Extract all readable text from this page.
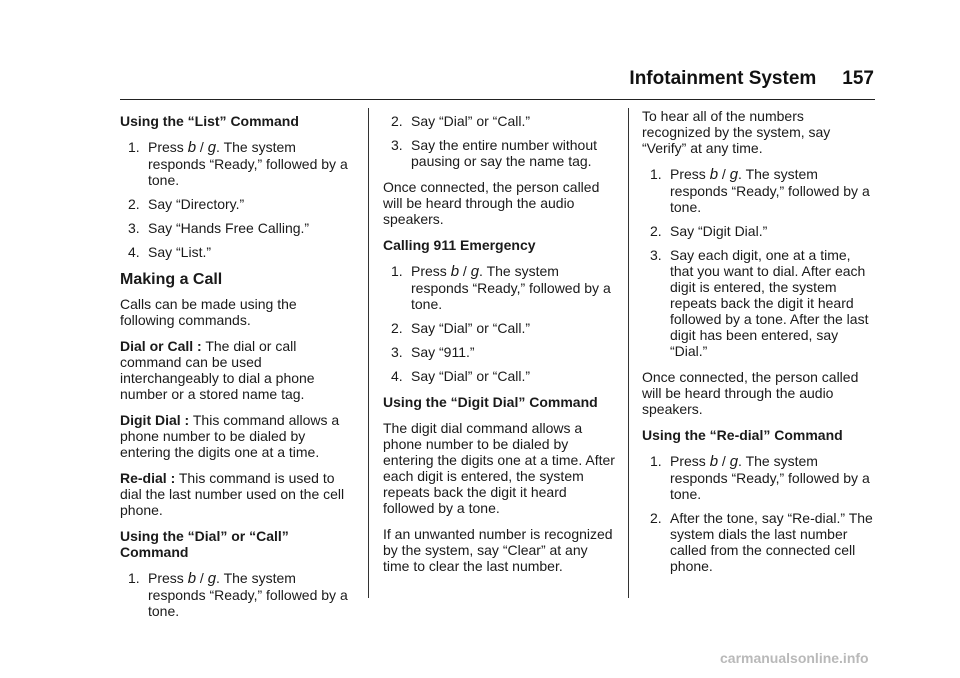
Infotainment System 157
Using the “List” Command
1. Press b / g. The system responds “Ready,” followed by a tone.
2. Say “Directory.”
3. Say “Hands Free Calling.”
4. Say “List.”
Making a Call

Calls can be made using the following commands.

Dial or Call : The dial or call command can be used interchangeably to dial a phone number or a stored name tag.

Digit Dial : This command allows a phone number to be dialed by entering the digits one at a time.

Re-dial : This command is used to dial the last number used on the cell phone.

Using the “Dial” or “Call” Command
1. Press b / g. The system responds “Ready,” followed by a tone.
2. Say “Dial” or “Call.”
3. Say the entire number without pausing or say the name tag.

Once connected, the person called will be heard through the audio speakers.

Calling 911 Emergency
1. Press b / g. The system responds “Ready,” followed by a tone.
2. Say “Dial” or “Call.”
3. Say “911.”
4. Say “Dial” or “Call.”
Using the “Digit Dial” Command

The digit dial command allows a phone number to be dialed by entering the digits one at a time. After each digit is entered, the system repeats back the digit it heard followed by a tone.

If an unwanted number is recognized by the system, say “Clear” at any time to clear the last number.

To hear all of the numbers recognized by the system, say “Verify” at any time.

1. Press b / g. The system responds “Ready,” followed by a tone.
2. Say “Digit Dial.”
3. Say each digit, one at a time, that you want to dial. After each digit is entered, the system repeats back the digit it heard followed by a tone. After the last digit has been entered, say “Dial.”

Once connected, the person called will be heard through the audio speakers.

Using the “Re-dial” Command
1. Press b / g. The system responds “Ready,” followed by a tone.
2. After the tone, say “Re-dial.” The system dials the last number called from the connected cell phone.
carmanualsonline.info
